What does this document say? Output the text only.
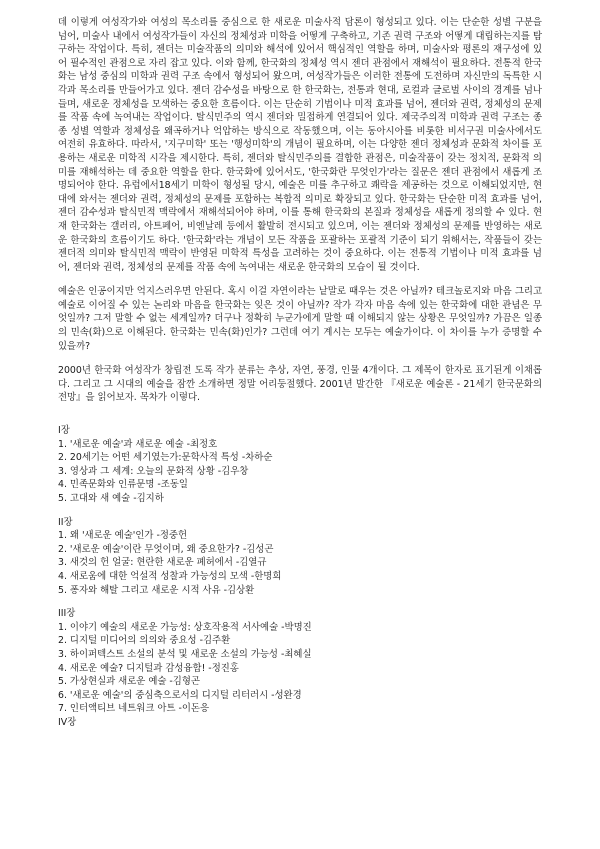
데 이렇게 여성작가와 여성의 목소리를 중심으로 한 새로운 미술사적 담론이 형성되고 있다. 이는 단순한 성별 구분을 넘어, 미술사 내에서 여성작가들이 자신의 정체성과 미학을 어떻게 구축하고, 기존 권력 구조와 어떻게 대립하는지를 탐구하는 작업이다. 특히, 젠더는 미술작품의 의미와 해석에 있어서 핵심적인 역할을 하며, 미술사와 평론의 재구성에 있어 필수적인 관점으로 자리 잡고 있다. 이와 함께, 한국화의 정체성 역시 젠더 관점에서 재해석이 필요하다. 전통적 한국화는 남성 중심의 미학과 권력 구조 속에서 형성되어 왔으며, 여성작가들은 이러한 전통에 도전하며 자신만의 독특한 시각과 목소리를 만들어가고 있다. 젠더 감수성을 바탕으로 한 한국화는, 전통과 현대, 로컬과 글로벌 사이의 경계를 넘나들며, 새로운 정체성을 모색하는 중요한 흐름이다. 이는 단순히 기법이나 미적 효과를 넘어, 젠더와 권력, 정체성의 문제를 작품 속에 녹여내는 작업이다. 탈식민주의 역시 젠더와 밀접하게 연결되어 있다. 제국주의적 미학과 권력 구조는 종종 성별 역할과 정체성을 왜곡하거나 억압하는 방식으로 작동했으며, 이는 동아시아를 비롯한 비서구권 미술사에서도 여전히 유효하다. 따라서, '지구미학' 또는 '행성미학'의 개념이 필요하며, 이는 다양한 젠더 정체성과 문화적 차이를 포용하는 새로운 미학적 시각을 제시한다. 특히, 젠더와 탈식민주의를 결합한 관점은, 미술작품이 갖는 정치적, 문화적 의미를 재해석하는 데 중요한 역할을 한다. 한국화에 있어서도, '한국화란 무엇인가'라는 질문은 젠더 관점에서 새롭게 조명되어야 한다. 유럽에서18세기 미학이 형성될 당시, 예술은 미를 추구하고 쾌락을 제공하는 것으로 이해되었지만, 현대에 와서는 젠더와 권력, 정체성의 문제를 포함하는 복합적 의미로 확장되고 있다. 한국화는 단순한 미적 효과를 넘어, 젠더 감수성과 탈식민적 맥락에서 재해석되어야 하며, 이를 통해 한국화의 본질과 정체성을 새롭게 정의할 수 있다. 현재 한국화는 갤러리, 아트페어, 비엔날레 등에서 활발히 전시되고 있으며, 이는 젠더와 정체성의 문제를 반영하는 새로운 한국화의 흐름이기도 하다. '한국화'라는 개념이 모든 작품을 포괄하는 포괄적 기준이 되기 위해서는, 작품들이 갖는 젠더적 의미와 탈식민적 맥락이 반영된 미학적 특성을 고려하는 것이 중요하다. 이는 전통적 기법이나 미적 효과를 넘어, 젠더와 권력, 정체성의 문제를 작품 속에 녹여내는 새로운 한국화의 모습이 될 것이다.

예술은 인공이지만 억지스러우면 안된다. 혹시 이걸 자연이라는 낱말로 때우는 것은 아닐까? 테크놀로지와 마음 그리고 예술로 이어질 수 있는 논리와 마음을 한국화는 잊은 것이 아닐까? 작가 각자 마음 속에 있는 한국화에 대한 관념은 무엇일까? 그저 말할 수 없는 세계일까? 더구나 정확히 누군가에게 말할 때 이해되지 않는 상황은 무엇일까? 가끔은 일종의 민속(화)으로 이해된다. 한국화는 민속(화)인가? 그런데 여기 계시는 모두는 예술가이다. 이 차이를 누가 증명할 수 있을까?

2000년 한국화 여성작가 창립전 도록 작가 분류는 추상, 자연, 풍경, 인물 4개이다. 그 제목이 한자로 표기된게 이채롭다. 그리고 그 시대의 예술을 잠깐 소개하면 정말 어리둥절했다. 2001년 발간한 『새로운 예술론 - 21세기 한국문화의 전망』을 읽어보자. 목차가 이렇다.

I장

1. '새로운 예술'과 새로운 예술 -최정호
2. 20세기는 어떤 세기였는가:문학사적 특성 -차하순
3. 영상과 그 세계: 오늘의 문화적 상황 -김우창
4. 민족문화와 인류문명 -조동일
5. 고대와 새 예술 -김지하

II장

1. 왜 '새로운 예술'인가 -정중헌
2. '새로운 예술'이란 무엇이며, 왜 중요한가? -김성곤
3. 새것의 헌 얼굴: 현란한 새로운 폐허에서 -김열규
4. 새로움에 대한 억설적 성찰과 가능성의 모색 -한명희
5. 퐁자와 해탈 그리고 새로운 시적 사유 -김상환

III장

1. 이야기 예술의 새로운 가능성: 상호작용적 서사예술 -박명진
2. 디지털 미디어의 의의와 중요성 -김주환
3. 하이퍼텍스트 소설의 분석 및 새로운 소설의 가능성 -최혜실
4. 새로운 예술? 디지털과 감성융합! -정진홍
5. 가상현실과 새로운 예술 -김형곤
6. '새로운 예술'의 중심축으로서의 디지털 리터러시 -성완경
7. 인터액티브 네트워크 아트 -이돈응

IV장
